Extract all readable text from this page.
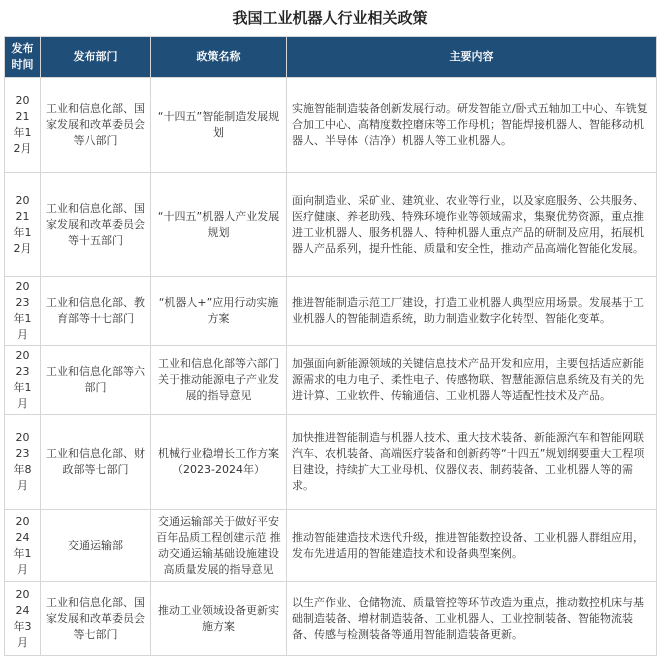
我国工业机器人行业相关政策
发布时间	发布部门	政策名称	主要内容
2021年12月	工业和信息化部、国家发展和改革委员会等八部门	“十四五”智能制造发展规划	实施智能制造装备创新发展行动。研发智能立/卧式五轴加工中心、车铣复合加工中心、高精度数控磨床等工作母机；智能焊接机器人、智能移动机器人、半导体（洁净）机器人等工业机器人。
2021年12月	工业和信息化部、国家发展和改革委员会等十五部门	“十四五”机器人产业发展规划	面向制造业、采矿业、建筑业、农业等行业，以及家庭服务、公共服务、医疗健康、养老助残、特殊环境作业等领域需求，集聚优势资源，重点推进工业机器人、服务机器人、特种机器人重点产品的研制及应用，拓展机器人产品系列，提升性能、质量和安全性，推动产品高端化智能化发展。
2023年1月	工业和信息化部、教育部等十七部门	“机器人+”应用行动实施方案	推进智能制造示范工厂建设，打造工业机器人典型应用场景。发展基于工业机器人的智能制造系统，助力制造业数字化转型、智能化变革。
2023年1月	工业和信息化部等六部门	工业和信息化部等六部门关于推动能源电子产业发展的指导意见	加强面向新能源领域的关键信息技术产品开发和应用，主要包括适应新能源需求的电力电子、柔性电子、传感物联、智慧能源信息系统及有关的先进计算、工业软件、传输通信、工业机器人等适配性技术及产品。
2023年8月	工业和信息化部、财政部等七部门	机械行业稳增长工作方案（2023-2024年）	加快推进智能制造与机器人技术、重大技术装备、新能源汽车和智能网联汽车、农机装备、高端医疗装备和创新药等“十四五”规划纲要重大工程项目建设，持续扩大工业母机、仪器仪表、制药装备、工业机器人等的需求。
2024年1月	交通运输部	交通运输部关于做好平安百年品质工程创建示范 推动交通运输基础设施建设高质量发展的指导意见	推动智能建造技术迭代升级，推进智能数控设备、工业机器人群组应用，发布先进适用的智能建造技术和设备典型案例。
2024年3月	工业和信息化部、国家发展和改革委员会等七部门	推动工业领域设备更新实施方案	以生产作业、仓储物流、质量管控等环节改造为重点，推动数控机床与基础制造装备、增材制造装备、工业机器人、工业控制装备、智能物流装备、传感与检测装备等通用智能制造装备更新。
